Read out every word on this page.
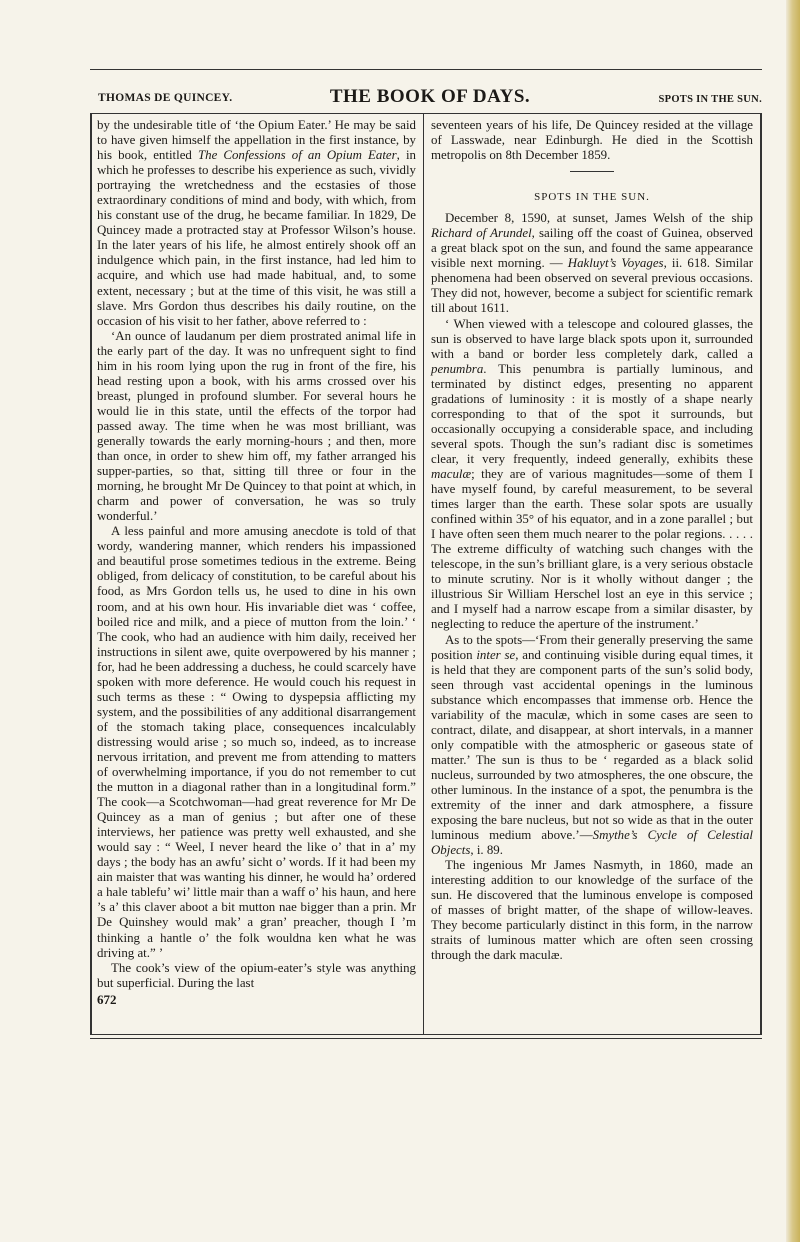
THE BOOK OF DAYS.
THOMAS DE QUINCEY.	SPOTS IN THE SUN.

by the undesirable title of ‘the Opium Eater.’ He may be said to have given himself the appellation in the first instance, by his book, entitled The Confessions of an Opium Eater, in which he professes to describe his experience as such, vividly portraying the wretchedness and the ecstasies of those extraordinary conditions of mind and body, with which, from his constant use of the drug, he became familiar. In 1829, De Quincey made a protracted stay at Professor Wilson’s house. In the later years of his life, he almost entirely shook off an indulgence which pain, in the first instance, had led him to acquire, and which use had made habitual, and, to some extent, necessary ; but at the time of this visit, he was still a slave. Mrs Gordon thus describes his daily routine, on the occasion of his visit to her father, above referred to :

‘An ounce of laudanum per diem prostrated animal life in the early part of the day. It was no unfrequent sight to find him in his room lying upon the rug in front of the fire, his head resting upon a book, with his arms crossed over his breast, plunged in profound slumber. For several hours he would lie in this state, until the effects of the torpor had passed away. The time when he was most brilliant, was generally towards the early morning-hours ; and then, more than once, in order to shew him off, my father arranged his supper-parties, so that, sitting till three or four in the morning, he brought Mr De Quincey to that point at which, in charm and power of conversation, he was so truly wonderful.’

A less painful and more amusing anecdote is told of that wordy, wandering manner, which renders his impassioned and beautiful prose sometimes tedious in the extreme. Being obliged, from delicacy of constitution, to be careful about his food, as Mrs Gordon tells us, he used to dine in his own room, and at his own hour. His invariable diet was ‘ coffee, boiled rice and milk, and a piece of mutton from the loin.’ ‘ The cook, who had an audience with him daily, received her instructions in silent awe, quite overpowered by his manner ; for, had he been addressing a duchess, he could scarcely have spoken with more deference. He would couch his request in such terms as these : “ Owing to dyspepsia afflicting my system, and the possibilities of any additional disarrangement of the stomach taking place, consequences incalculably distressing would arise ; so much so, indeed, as to increase nervous irritation, and prevent me from attending to matters of overwhelming importance, if you do not remember to cut the mutton in a diagonal rather than in a longitudinal form.” The cook—a Scotchwoman—had great reverence for Mr De Quincey as a man of genius ; but after one of these interviews, her patience was pretty well exhausted, and she would say : “ Weel, I never heard the like o’ that in a’ my days ; the body has an awfu’ sicht o’ words. If it had been my ain maister that was wanting his dinner, he would ha’ ordered a hale tablefu’ wi’ little mair than a waff o’ his haun, and here ’s a’ this claver aboot a bit mutton nae bigger than a prin. Mr De Quinshey would mak’ a gran’ preacher, though I ’m thinking a hantle o’ the folk wouldna ken what he was driving at.” ’

The cook’s view of the opium-eater’s style was anything but superficial. During the last

672

seventeen years of his life, De Quincey resided at the village of Lasswade, near Edinburgh. He died in the Scottish metropolis on 8th December 1859.

SPOTS IN THE SUN.

December 8, 1590, at sunset, James Welsh of the ship Richard of Arundel, sailing off the coast of Guinea, observed a great black spot on the sun, and found the same appearance visible next morning. — Hakluyt’s Voyages, ii. 618. Similar phenomena had been observed on several previous occasions. They did not, however, become a subject for scientific remark till about 1611.

‘ When viewed with a telescope and coloured glasses, the sun is observed to have large black spots upon it, surrounded with a band or border less completely dark, called a penumbra. This penumbra is partially luminous, and terminated by distinct edges, presenting no apparent gradations of luminosity : it is mostly of a shape nearly corresponding to that of the spot it surrounds, but occasionally occupying a considerable space, and including several spots. Though the sun’s radiant disc is sometimes clear, it very frequently, indeed generally, exhibits these maculæ; they are of various magnitudes—some of them I have myself found, by careful measurement, to be several times larger than the earth. These solar spots are usually confined within 35° of his equator, and in a zone parallel ; but I have often seen them much nearer to the polar regions. . . . . The extreme difficulty of watching such changes with the telescope, in the sun’s brilliant glare, is a very serious obstacle to minute scrutiny. Nor is it wholly without danger ; the illustrious Sir William Herschel lost an eye in this service ; and I myself had a narrow escape from a similar disaster, by neglecting to reduce the aperture of the instrument.’

As to the spots—‘From their generally preserving the same position inter se, and continuing visible during equal times, it is held that they are component parts of the sun’s solid body, seen through vast accidental openings in the luminous substance which encompasses that immense orb. Hence the variability of the maculæ, which in some cases are seen to contract, dilate, and disappear, at short intervals, in a manner only compatible with the atmospheric or gaseous state of matter.’ The sun is thus to be ‘ regarded as a black solid nucleus, surrounded by two atmospheres, the one obscure, the other luminous. In the instance of a spot, the penumbra is the extremity of the inner and dark atmosphere, a fissure exposing the bare nucleus, but not so wide as that in the outer luminous medium above.’—Smythe’s Cycle of Celestial Objects, i. 89.

The ingenious Mr James Nasmyth, in 1860, made an interesting addition to our knowledge of the surface of the sun. He discovered that the luminous envelope is composed of masses of bright matter, of the shape of willow-leaves. They become particularly distinct in this form, in the narrow straits of luminous matter which are often seen crossing through the dark maculæ.
